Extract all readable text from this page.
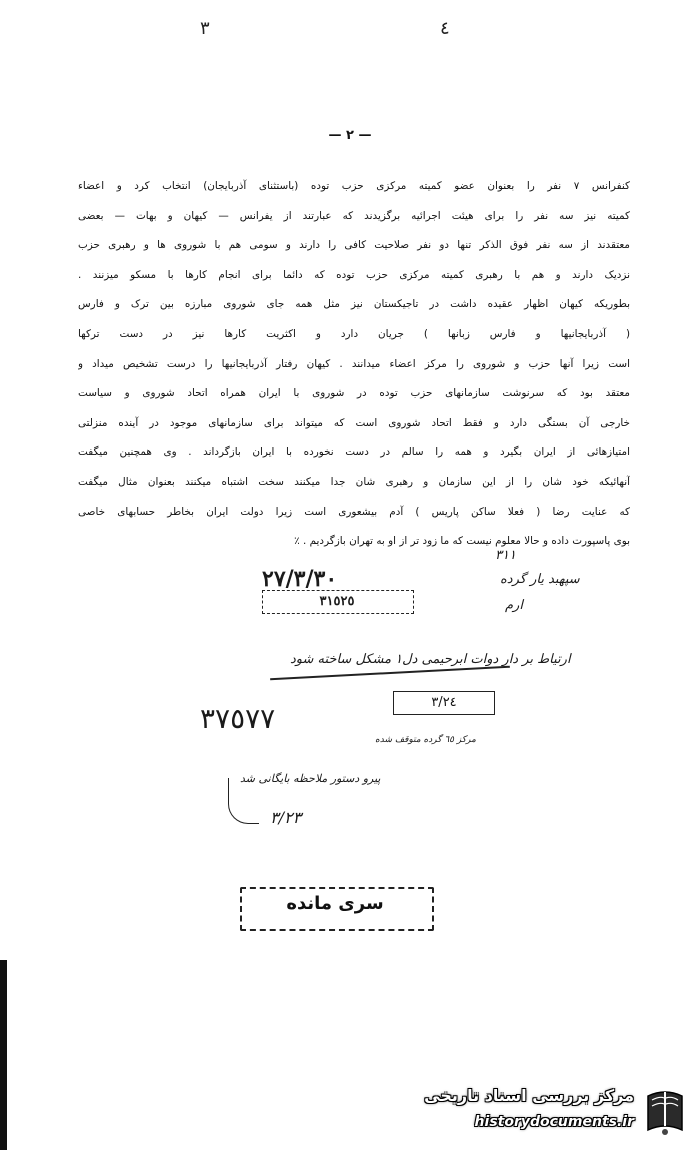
٣	٤
— ٢ —
کنفرانس ۷ نفر را بعنوان عضو کمیته مرکزی حزب توده (باستثنای آذربایجان) انتخاب کرد و اعضاء
کمیته نیز سه نفر را برای هیئت اجرائیه برگزیدند که عبارتند از یفرانس — کیهان و بهات — بعضی
معتقدند از سه نفر فوق الذکر تنها دو نفر صلاحیت کافی را دارند و سومی هم با شوروی ها و رهبری حزب
نزدیک دارند و هم با رهبری کمیته مرکزی حزب توده که دائما برای انجام کارها با مسکو میزنند .
بطوریکه کیهان اظهار عقیده داشت در تاجیکستان نیز مثل همه جای شوروی مبارزه بین ترک و فارس
( آذربایجانیها و فارس زبانها ) جریان دارد و اکثریت کارها نیز در دست ترکها
است زیرا آنها حزب و شوروی را مرکز اعضاء میدانند . کیهان رفتار آذربایجانیها را درست تشخیص میداد و
معتقد بود که سرنوشت سازمانهای حزب توده در شوروی با ایران همراه اتحاد شوروی و سیاست
خارجی آن بستگی دارد و فقط اتحاد شوروی است که میتواند برای سازمانهای موجود در آینده منزلتی
امتیازهائی از ایران بگیرد و همه را سالم در دست نخورده با ایران بازگرداند . وی همچنین میگفت
آنهائیکه خود شان را از این سازمان و رهبری شان جدا میکنند سخت اشتباه میکنند بعنوان مثال میگفت
که عنایت رضا ( فعلا ساکن پاریس ) آدم بیشعوری است زیرا دولت ایران بخاطر حسابهای خاصی
بوی پاسپورت داده و حالا معلوم نیست که ما زود تر از او به تهران بازگردیم . ٪
٣١١
سپهبد یار گرده
ارم
٢٧/٣/٣٠
٣١٥٢٥
ارتیاط بر دار دوات ابرحیمی دل۱ مشکل ساخته شود
٣/٢٤
٣٧٥٧٧
مرکز ٦٥ گرده متوقف شده
پیرو دستور ملاحظه بایگانی شد
٣/٢٣
سری مانده
مرکز بررسی اسناد تاریخی
historydocuments.ir
